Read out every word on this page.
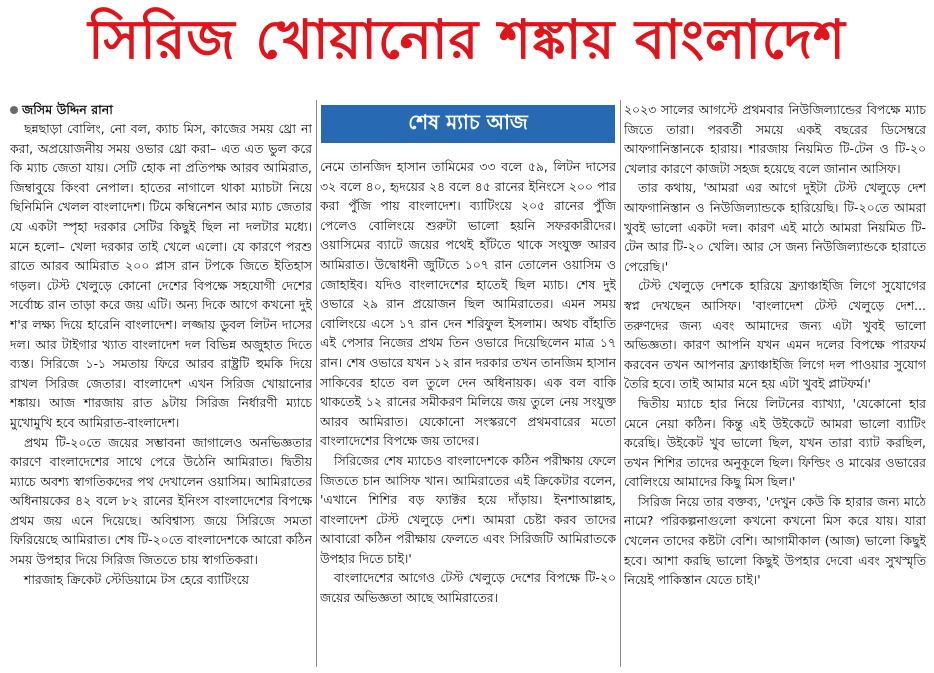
সিরিজ খোয়ানোর শঙ্কায় বাংলাদেশ
জসিম উদ্দিন রানা

ছন্নছাড়া বোলিং, নো বল, ক্যাচ মিস, কাজের সময় থ্রো না করা, অপ্রয়োজনীয় সময় ওভার থ্রো করা– এত এত ভুল করে কি ম্যাচ জেতা যায়। সেটি হোক না প্রতিপক্ষ আরব আমিরাত, জিম্বাবুয়ে কিংবা নেপাল। হাতের নাগালে থাকা ম্যাচটা নিয়ে ছিনিমিনি খেলল বাংলাদেশ। টিমে কম্বিনেশন আর ম্যাচ জেতার যে একটা স্পৃহা দরকার সেটির কিছুই ছিল না দলটার মধ্যে। মনে হলো– খেলা দরকার তাই খেলে এলো। যে কারণে পরশু রাতে আরব আমিরাত ২০০ প্লাস রান টপকে জিতে ইতিহাস গড়ল। টেস্ট খেলুড়ে কোনো দেশের বিপক্ষে সহযোগী দেশের সর্বোচ্চ রান তাড়া করে জয় এটি। অন্য দিকে আগে কখনো দুই শ'র লক্ষ্য দিয়ে হারেনি বাংলাদেশ। লজ্জায় ডুবল লিটন দাসের দল। আর টাইগার খ্যাত বাংলাদেশ দল বিভিন্ন অজুহাত দিতে ব্যস্ত। সিরিজে ১-১ সমতায় ফিরে আরব রাষ্ট্রটি হুমকি দিয়ে রাখল সিরিজ জেতার। বাংলাদেশ এখন সিরিজ খোয়ানোর শঙ্কায়। আজ শারজায় রাত ৯টায় সিরিজ নির্ধারণী ম্যাচে মুখোমুখি হবে আমিরাত-বাংলাদেশ।

প্রথম টি-২০তে জয়ের সম্ভাবনা জাগালেও অনভিজ্ঞতার কারণে বাংলাদেশের সাথে পেরে উঠেনি আমিরাত। দ্বিতীয় ম্যাচে অবশ্য স্বাগতিকদের পথ দেখালেন ওয়াসিম। আমিরাতের অধিনায়কের ৪২ বলে ৮২ রানের ইনিংস বাংলাদেশের বিপক্ষে প্রথম জয় এনে দিয়েছে। অবিশ্বাস্য জয়ে সিরিজে সমতা ফিরিয়েছে আমিরাত। শেষ টি-২০তে বাংলাদেশকে আরো কঠিন সময় উপহার দিয়ে সিরিজ জিততে চায় স্বাগতিকরা।

শারজাহ ক্রিকেট স্টেডিয়ামে টস হেরে ব্যাটিংয়ে

শেষ ম্যাচ আজ

নেমে তানজিদ হাসান তামিমের ৩৩ বলে ৫৯, লিটন দাসের ৩২ বলে ৪০, হৃদয়ের ২৪ বলে ৪৫ রানের ইনিংসে ২০০ পার করা পুঁজি পায় বাংলাদেশ। ব্যাটিংয়ে ২০৫ রানের পুঁজি পেলেও বোলিংয়ে শুরুটা ভালো হয়নি সফরকারীদের। ওয়াসিমের ব্যাটে জয়ের পথেই হাঁটতে থাকে সংযুক্ত আরব আমিরাত। উদ্বোধনী জুটিতে ১০৭ রান তোলেন ওয়াসিম ও জোহাইব। যদিও বাংলাদেশের হাতেই ছিল ম্যাচ। শেষ দুই ওভারে ২৯ রান প্রয়োজন ছিল আমিরাতের। এমন সময় বোলিংয়ে এসে ১৭ রান দেন শরিফুল ইসলাম। অথচ বাঁহাতি এই পেসার নিজের প্রথম তিন ওভারে দিয়েছিলেন মাত্র ১৭ রান। শেষ ওভারে যখন ১২ রান দরকার তখন তানজিম হাসান সাকিবের হাতে বল তুলে দেন অধিনায়ক। এক বল বাকি থাকতেই ১২ রানের সমীকরণ মিলিয়ে জয় তুলে নেয় সংযুক্ত আরব আমিরাত। যেকোনো সংস্করণে প্রথমবারের মতো বাংলাদেশের বিপক্ষে জয় তাদের।

সিরিজের শেষ ম্যাচেও বাংলাদেশকে কঠিন পরীক্ষায় ফেলে জিততে চান আসিফ খান। আমিরাতের এই ক্রিকেটার বলেন, 'এখানে শিশির বড় ফ্যাক্টর হয়ে দাঁড়ায়। ইনশাআল্লাহ, বাংলাদেশ টেস্ট খেলুড়ে দেশ। আমরা চেষ্টা করব তাদের আবারো কঠিন পরীক্ষায় ফেলতে এবং সিরিজটি আমিরাতকে উপহার দিতে চাই।'

বাংলাদেশের আগেও টেস্ট খেলুড়ে দেশের বিপক্ষে টি-২০ জয়ের অভিজ্ঞতা আছে আমিরাতের।

২০২৩ সালের আগস্টে প্রথমবার নিউজিল্যান্ডের বিপক্ষে ম্যাচ জিতে তারা। পরবর্তী সময়ে একই বছরের ডিসেম্বরে আফগানিস্তানকে হারায়। শারজায় নিয়মিত টি-টেন ও টি-২০ খেলার কারণে কাজটা সহজ হয়েছে বলে জানান আসিফ।

তার কথায়, 'আমরা এর আগে দুইটা টেস্ট খেলুড়ে দেশ আফগানিস্তান ও নিউজিল্যান্ডকে হারিয়েছি। টি-২০তে আমরা খুবই ভালো একটা দল। কারণ এই মাঠে আমরা নিয়মিত টি-টেন আর টি-২০ খেলি। আর সে জন্য নিউজিল্যান্ডকে হারাতে পেরেছি।'

টেস্ট খেলুড়ে দেশকে হারিয়ে ফ্র্যাঞ্চাইজি লিগে সুযোগের স্বপ্ন দেখছেন আসিফ। 'বাংলাদেশ টেস্ট খেলুড়ে দেশ... তরুণদের জন্য এবং আমাদের জন্য এটা খুবই ভালো অভিজ্ঞতা। কারণ আপনি যখন এমন দলের বিপক্ষে পারফর্ম করবেন তখন আপনার ফ্র্যাঞ্চাইজি লিগে দল পাওয়ার সুযোগ তৈরি হবে। তাই আমার মনে হয় এটা খুবই প্লাটফর্ম।'

দ্বিতীয় ম্যাচে হার নিয়ে লিটনের ব্যাখ্যা, 'যেকোনো হার মেনে নেয়া কঠিন। কিন্তু এই উইকেটে আমরা ভালো ব্যাটিং করেছি। উইকেট খুব ভালো ছিল, যখন তারা ব্যাট করছিল, তখন শিশির তাদের অনুকূলে ছিল। ফিল্ডিং ও মাঝের ওভারের বোলিংয়ে আমাদের কিছু মিস ছিল।'

সিরিজ নিয়ে তার বক্তব্য, 'দেখুন কেউ কি হারার জন্য মাঠে নামে? পরিকল্পনাগুলো কখনো কখনো মিস করে যায়। যারা খেলেন তাদের কষ্টটা বেশি। আগামীকাল (আজ) ভালো কিছুই হবে। আশা করছি ভালো কিছুই উপহার দেবো এবং সুখস্মৃতি নিয়েই পাকিস্তান যেতে চাই।'
